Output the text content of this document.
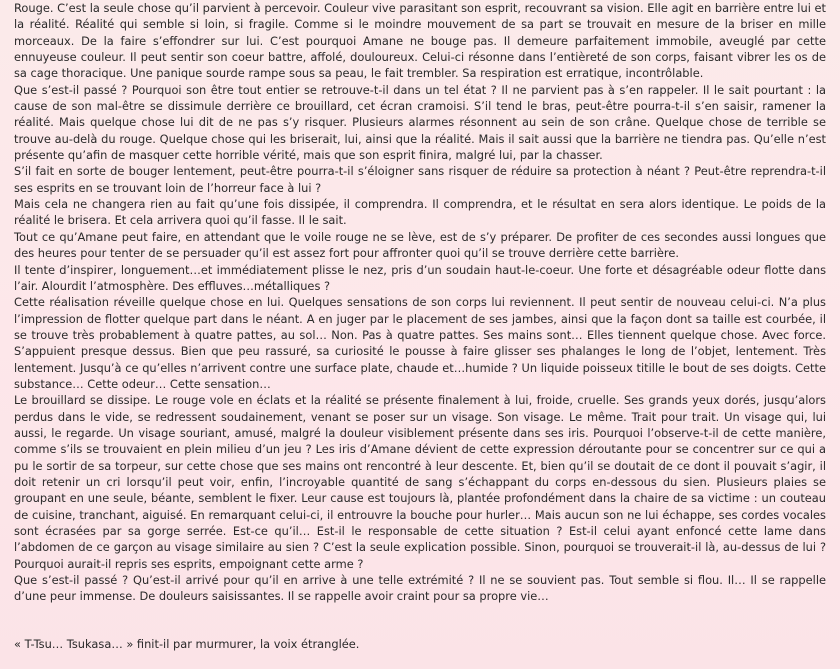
Rouge. C’est la seule chose qu’il parvient à percevoir. Couleur vive parasitant son esprit, recouvrant sa vision. Elle agit en barrière entre lui et la réalité. Réalité qui semble si loin, si fragile. Comme si le moindre mouvement de sa part se trouvait en mesure de la briser en mille morceaux. De la faire s’effondrer sur lui. C’est pourquoi Amane ne bouge pas. Il demeure parfaitement immobile, aveuglé par cette ennuyeuse couleur. Il peut sentir son coeur battre, affolé, douloureux. Celui-ci résonne dans l’entièreté de son corps, faisant vibrer les os de sa cage thoracique. Une panique sourde rampe sous sa peau, le fait trembler. Sa respiration est erratique, incontrôlable.

Que s’est-il passé ? Pourquoi son être tout entier se retrouve-t-il dans un tel état ? Il ne parvient pas à s’en rappeler. Il le sait pourtant : la cause de son mal-être se dissimule derrière ce brouillard, cet écran cramoisi. S’il tend le bras, peut-être pourra-t-il s’en saisir, ramener la réalité. Mais quelque chose lui dit de ne pas s’y risquer. Plusieurs alarmes résonnent au sein de son crâne. Quelque chose de terrible se trouve au-delà du rouge. Quelque chose qui les briserait, lui, ainsi que la réalité. Mais il sait aussi que la barrière ne tiendra pas. Qu’elle n’est présente qu’afin de masquer cette horrible vérité, mais que son esprit finira, malgré lui, par la chasser.

S’il fait en sorte de bouger lentement, peut-être pourra-t-il s’éloigner sans risquer de réduire sa protection à néant ? Peut-être reprendra-t-il ses esprits en se trouvant loin de l’horreur face à lui ?

Mais cela ne changera rien au fait qu’une fois dissipée, il comprendra. Il comprendra, et le résultat en sera alors identique. Le poids de la réalité le brisera. Et cela arrivera quoi qu’il fasse. Il le sait.

Tout ce qu’Amane peut faire, en attendant que le voile rouge ne se lève, est de s’y préparer. De profiter de ces secondes aussi longues que des heures pour tenter de se persuader qu’il est assez fort pour affronter quoi qu’il se trouve derrière cette barrière.

Il tente d’inspirer, longuement…et immédiatement plisse le nez, pris d’un soudain haut-le-coeur. Une forte et désagréable odeur flotte dans l’air. Alourdit l’atmosphère. Des effluves…métalliques ?

Cette réalisation réveille quelque chose en lui. Quelques sensations de son corps lui reviennent. Il peut sentir de nouveau celui-ci. N’a plus l’impression de flotter quelque part dans le néant. A en juger par le placement de ses jambes, ainsi que la façon dont sa taille est courbée, il se trouve très probablement à quatre pattes, au sol… Non. Pas à quatre pattes. Ses mains sont… Elles tiennent quelque chose. Avec force. S’appuient presque dessus. Bien que peu rassuré, sa curiosité le pousse à faire glisser ses phalanges le long de l’objet, lentement. Très lentement. Jusqu’à ce qu’elles n’arrivent contre une surface plate, chaude et…humide ? Un liquide poisseux titille le bout de ses doigts. Cette substance… Cette odeur… Cette sensation…

Le brouillard se dissipe. Le rouge vole en éclats et la réalité se présente finalement à lui, froide, cruelle. Ses grands yeux dorés, jusqu’alors perdus dans le vide, se redressent soudainement, venant se poser sur un visage. Son visage. Le même. Trait pour trait. Un visage qui, lui aussi, le regarde. Un visage souriant, amusé, malgré la douleur visiblement présente dans ses iris. Pourquoi l’observe-t-il de cette manière, comme s’ils se trouvaient en plein milieu d’un jeu ? Les iris d’Amane dévient de cette expression déroutante pour se concentrer sur ce qui a pu le sortir de sa torpeur, sur cette chose que ses mains ont rencontré à leur descente. Et, bien qu’il se doutait de ce dont il pouvait s’agir, il doit retenir un cri lorsqu’il peut voir, enfin, l’incroyable quantité de sang s’échappant du corps en-dessous du sien. Plusieurs plaies se groupant en une seule, béante, semblent le fixer. Leur cause est toujours là, plantée profondément dans la chaire de sa victime : un couteau de cuisine, tranchant, aiguisé. En remarquant celui-ci, il entrouvre la bouche pour hurler… Mais aucun son ne lui échappe, ses cordes vocales sont écrasées par sa gorge serrée. Est-ce qu’il… Est-il le responsable de cette situation ? Est-il celui ayant enfoncé cette lame dans l’abdomen de ce garçon au visage similaire au sien ? C’est la seule explication possible. Sinon, pourquoi se trouverait-il là, au-dessus de lui ? Pourquoi aurait-il repris ses esprits, empoignant cette arme ?

Que s’est-il passé ? Qu’est-il arrivé pour qu’il en arrive à une telle extrémité ? Il ne se souvient pas. Tout semble si flou. Il… Il se rappelle d’une peur immense. De douleurs saisissantes. Il se rappelle avoir craint pour sa propre vie…

« T-Tsu… Tsukasa… » finit-il par murmurer, la voix étranglée.
